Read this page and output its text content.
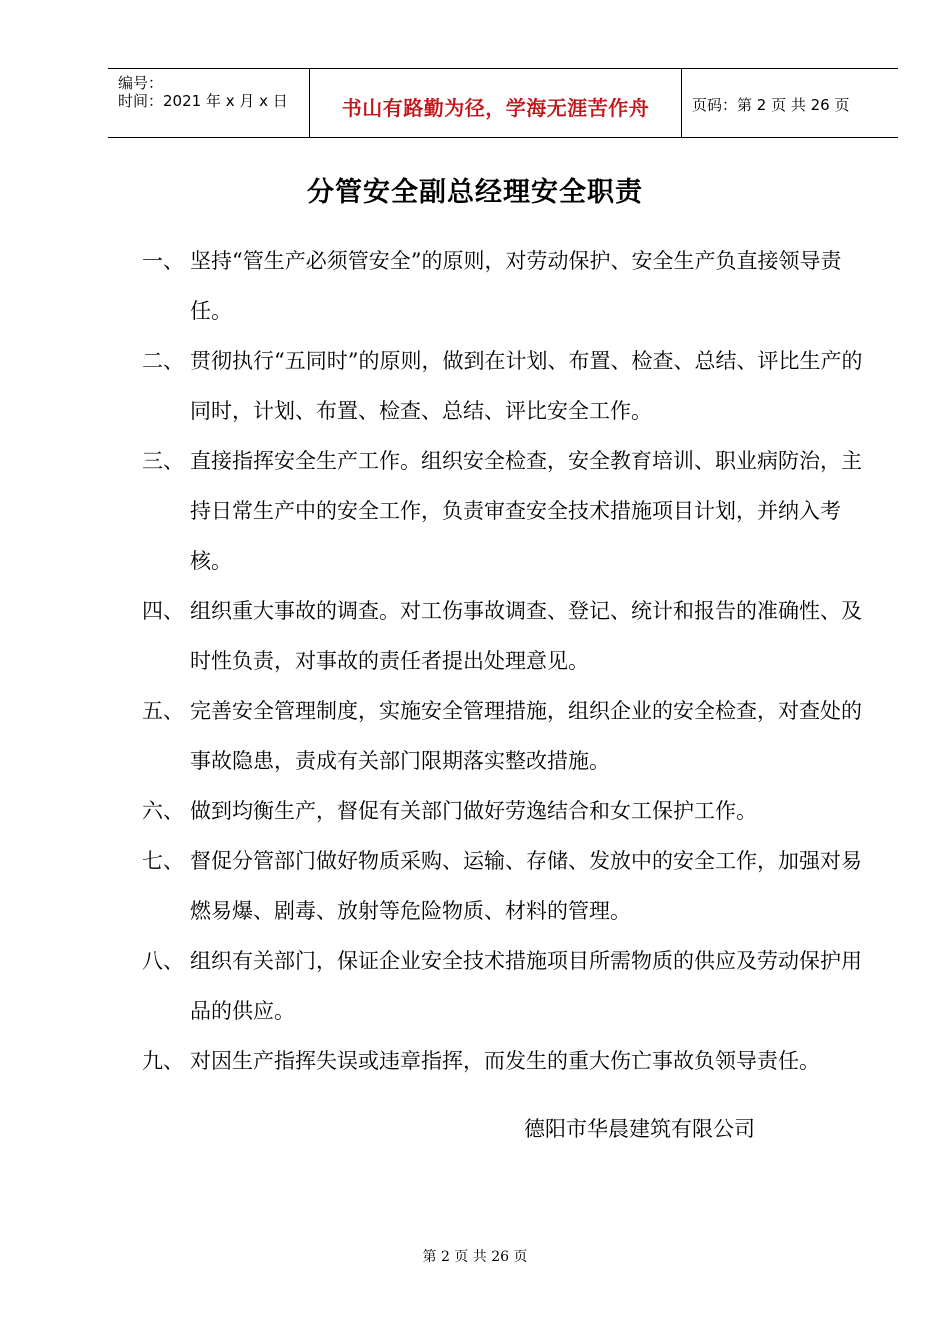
编号：
时间：2021 年 x 月 x 日	书山有路勤为径，学海无涯苦作舟	页码：第 2 页 共 26 页
分管安全副总经理安全职责
一、 坚持“管生产必须管安全”的原则，对劳动保护、安全生产负直接领导责任。
二、 贯彻执行“五同时”的原则，做到在计划、布置、检查、总结、评比生产的同时，计划、布置、检查、总结、评比安全工作。
三、 直接指挥安全生产工作。组织安全检查，安全教育培训、职业病防治，主持日常生产中的安全工作，负责审查安全技术措施项目计划，并纳入考核。
四、 组织重大事故的调查。对工伤事故调查、登记、统计和报告的准确性、及时性负责，对事故的责任者提出处理意见。
五、 完善安全管理制度，实施安全管理措施，组织企业的安全检查，对查处的事故隐患，责成有关部门限期落实整改措施。
六、 做到均衡生产，督促有关部门做好劳逸结合和女工保护工作。
七、 督促分管部门做好物质采购、运输、存储、发放中的安全工作，加强对易燃易爆、剧毒、放射等危险物质、材料的管理。
八、 组织有关部门，保证企业安全技术措施项目所需物质的供应及劳动保护用品的供应。
九、 对因生产指挥失误或违章指挥，而发生的重大伤亡事故负领导责任。
德阳市华晨建筑有限公司
第 2 页 共 26 页
